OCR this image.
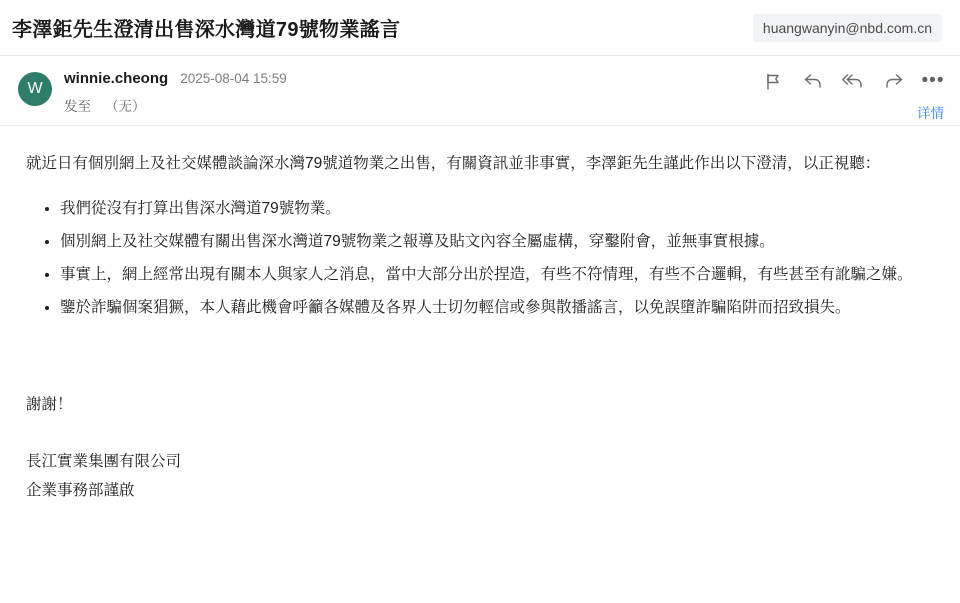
李澤鉅先生澄清出售深水灣道79號物業謠言	huangwanyin@nbd.com.cn
W
winnie.cheong 2025-08-04 15:59
发至 （无）
•••
详情

就近日有個別網上及社交媒體談論深水灣79號道物業之出售，有關資訊並非事實，李澤鉅先生謹此作出以下澄清，以正視聽：

• 我們從沒有打算出售深水灣道79號物業。
• 個別網上及社交媒體有關出售深水灣道79號物業之報導及貼文內容全屬虛構，穿鑿附會，並無事實根據。
• 事實上，網上經常出現有關本人與家人之消息，當中大部分出於捏造，有些不符情理，有些不合邏輯，有些甚至有訛騙之嫌。
• 鑒於詐騙個案猖獗，本人藉此機會呼籲各媒體及各界人士切勿輕信或參與散播謠言，以免誤墮詐騙陷阱而招致損失。

謝謝！

長江實業集團有限公司

企業事務部謹啟
